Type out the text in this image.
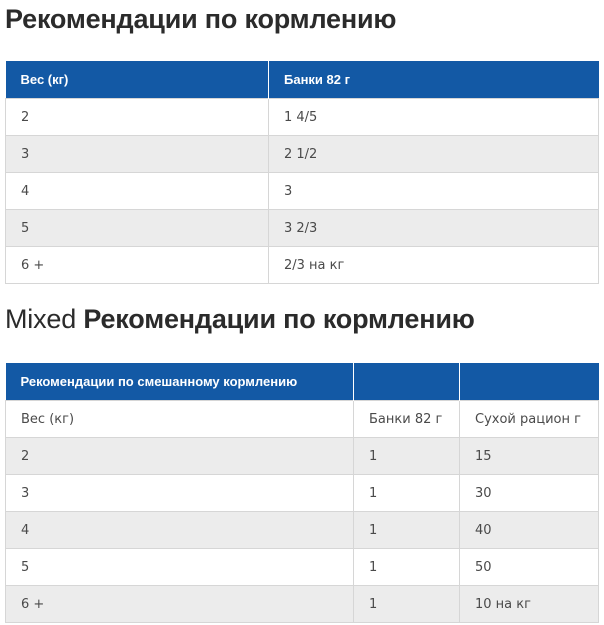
Рекомендации по кормлению
Вес (кг)	Банки 82 г
2	1 4/5
3	2 1/2
4	3
5	3 2/3
6 +	2/3 на кг
Mixed Рекомендации по кормлению
Рекомендации по смешанному кормлению		
Вес (кг)	Банки 82 г	Сухой рацион г
2	1	15
3	1	30
4	1	40
5	1	50
6 +	1	10 на кг
